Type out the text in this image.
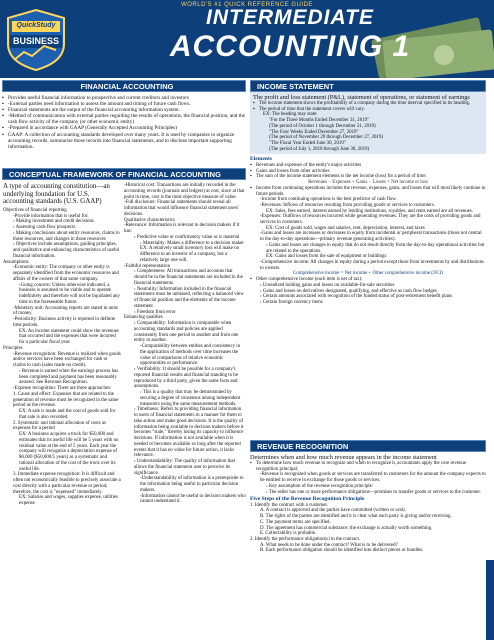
WORLD'S #1 QUICK REFERENCE GUIDE
QuickStudy
BUSINESS
INTERMEDIATE
ACCOUNTING 1
FINANCIAL ACCOUNTING
▪ Provides useful financial information to prospective and current creditors and investors
▪ -External parties need information to assess the amount and timing of future cash flows.
▪ Financial statements are the output of the financial accounting information system.
▪ -Method of communication with external parties regarding the results of operations, the financial position, and the cash flow activity of the company (or other economic entity)
▪ -Prepared in accordance with GAAP (Generally Accepted Accounting Principles)
▪ GAAP: A collection of accounting standards developed over many years. It is used by companies to organize accounting records, summarize those records into financial statements, and to disclose important supporting information.
CONCEPTUAL FRAMEWORK OF FINANCIAL ACCOUNTING
A type of accounting constitution—an underlying foundation for U.S. accounting standards (U.S. GAAP)
Objectives of financial reporting
-Provide information that is useful for:
› Making investment and credit decisions
› Assessing cash-flow prospects
› Making conclusions about entity resources, claims to those resources, and changes in those resources
› Objectives include assumptions, guiding principles, and qualitative and enhancing characteristics of useful financial information.
Assumptions
-Economic entity: The company or other entity is separately identified from the economic resources and affairs of the owners of that same company.
-Going concern: Unless otherwise indicated, a business is assumed to be viable and to operate indefinitely and therefore will not be liquidated any time in the foreseeable future.
-Monetary unit: Accounting reports are stated in units of money.
-Periodicity: Business activity is reported in definite time periods.
EX: An income statement could show the revenues that occurred and the expenses that were incurred for a particular fiscal year.
Principles
-Revenue recognition: Revenue is realized when goods and/or services have been exchanged for cash or claims to cash (sales made on credit).
› Revenue is earned when the earnings process has been completed and payment has been reasonably assured. See Revenue Recognition.
-Expense recognition: There are three approaches:
1. Cause and effect: Expenses that are related to the generation of revenue must be recognized in the same period as the revenue.
EX: A sale is made and the cost of goods sold for that sale is also recorded.
2. Systematic and rational allocation of costs as expenses for a period
EX: A business acquires a truck for $50,000 and estimates that its useful life will be 5 years with no residual value at the end of 5 years. Each year the company will recognize a depreciation expense of $6,000 ($50,000/5 years) as a systematic and rational allocation of the cost of the truck over its useful life.
3. Immediate expense recognition: It is difficult and often not economically feasible to precisely associate a cost directly with a particular revenue or period; therefore, the cost is "expensed" immediately.
EX: Salaries and wages, supplies expense, utilities expense
-Historical cost: Transactions are initially recorded in the accounting records (journals and ledgers) at cost, since at that point in time, cost is the most objective measure of value.
-Full disclosure: Financial statements should reveal all information that would influence financial statement users' decisions.
Qualitative characteristics
-Relevance: Information is relevant to decision makers if it has:
› Predictive value or confirmatory value or is material
› Materiality: Makes a difference to a decision maker
EX: A relatively small inventory loss will make no difference to an investor of a company, but a relatively large one will.
-Faithful representation
› Completeness: All transactions and accounts that should be in the financial statements are included in the financial statements.
› Neutrality: Information included in the financial statements must be unbiased, reflecting a balanced view of financial position and the elements of the income statement.
› Freedom from error
Enhancing qualities
› Comparability: Information is comparable when accounting standards and policies are applied consistently from one period to another and from one entity to another.
-Comparability between entities and consistency in the application of methods over time increases the value of comparisons of relative economic opportunities or performance.
› Verifiability: It should be possible for a company's reported financial results and financial standing to be reproduced by a third party, given the same facts and assumptions.
› This is a quality that may be demonstrated by securing a degree of consensus among independent measurers using the same measurement methods.
› Timeliness: Refers to providing financial information to users of financial statements in a manner for them to take action and make good decisions. It is the quality of information being available to decision makers before it becomes "stale," thereby losing its capacity to influence decisions. If information is not available when it is needed or becomes available so long after the reported events that it has no value for future action, it lacks relevance.
› Understandability: The quality of information that allows the financial statement user to perceive its significance.
-Understandability of information is a prerequisite to the information being useful to particular decision makers.
-Information cannot be useful to decision makers who cannot understand it.
INCOME STATEMENT
The profit and loss statement (P&L), statement of operations, or statement of earnings
▪ The income statement shows the profitability of a company during the time interval specified in its heading.
▪ The period of time that the statement covers will vary.
EX: The heading may state:
"For the Three Months Ended December 31, 2019"
(The period of October 1 through December 31, 2019)
"The Four Weeks Ended December 27, 2019"
(The period of November 29 through December 27, 2019)
"The Fiscal Year Ended June 30, 2019"
(The period of July 1, 2018 through June 30, 2019)
Elements
▪ Revenues and expenses of the entity's major activities
▪ Gains and losses from other activities
▪ The sum of the income statement elements is the net income (loss) for a period of time.
Revenues − Expenses + Gains − Losses = Net income or loss
▪ Income from continuing operations includes the revenue, expenses, gains, and losses that will most likely continue in future periods.
-Income from continuing operations is the best predictor of cash flow.
-Revenues: Inflows of resources resulting from providing goods or services to customers.
EX: Sales, fees earned, interest earned by lending institutions, royalties, and rents earned are all revenues.
-Expenses: Outflows of resources incurred while generating revenues. They are the costs of providing goods and services to customers.
EX: Cost of goods sold, wages and salaries, rent, depreciation, interest, and taxes
-Gains and losses are increases or decreases in equity from incidental or peripheral transactions (those not central to the day-to-day operations—primary revenue generating activities).
› Gains and losses are changes in equity that do not result directly from the day-to-day operational activities but are related to the operations.
EX: Gains and losses from the sale of equipment or buildings
-Comprehensive income: All changes in equity during a period except those from investments by and distributions to owners.
Comprehensive income = Net income + Other comprehensive income (OCI)
▪ Other comprehensive income (each item is net of tax):
› Unrealized holding gains and losses on available-for-sale securities
› Gains and losses on derivatives designated, qualifying, and effective as cash flow hedges
› Certain amounts associated with recognition of the funded status of post-retirement benefit plans
› Certain foreign currency items
REVENUE RECOGNITION
Determines when and how much revenue appears in the income statement
▪ To determine how much revenue to recognize and when to recognize it, accountants apply the core revenue recognition principal:
-Revenue is recognized when goods or services are transferred to customers for the amount the company expects to be entitled to receive in exchange for those goods or services.
› Key assumption of the revenue recognition principle:
› The seller has one or more performance obligations—promises to transfer goods or services to the customer.
Five Steps of the Revenue Recognition Principle
1. Identify the contract with a customer.
A. A contract is approved and the parties have committed (written or oral).
B. The rights of the parties are identified and it is clear what each party is giving and/or receiving.
C. The payment terms are specified.
D. The agreement has commercial substance; the exchange is actually worth something.
E. Collectability is probable.
2. Identify the performance obligation(s) in the contract.
A. What needs to be done under the contract? What is to be delivered?
B. Each performance obligation should be identified into distinct pieces or bundles.
